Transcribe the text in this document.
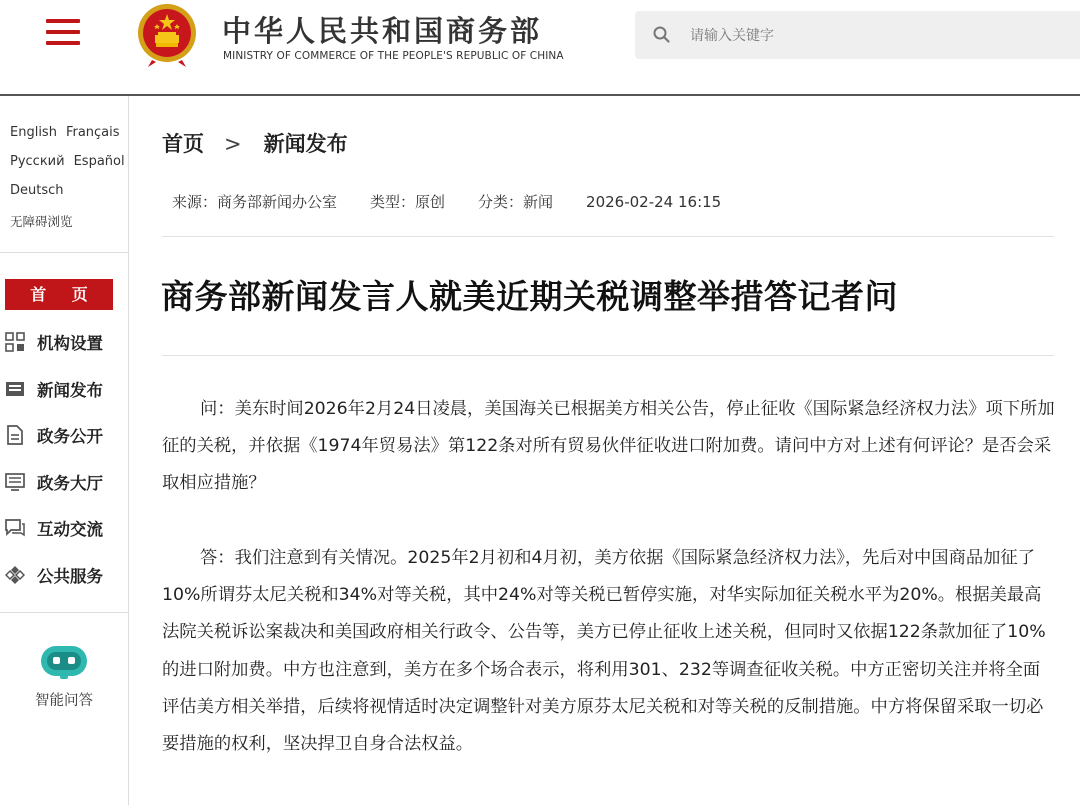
中华人民共和国商务部
MINISTRY OF COMMERCE OF THE PEOPLE'S REPUBLIC OF CHINA
请输入关键字
English Français
Русский Español
Deutsch
无障碍浏览
首 页
机构设置
新闻发布
政务公开
政务大厅
互动交流
公共服务
智能问答
首页 > 新闻发布
来源：商务部新闻办公室 类型：原创 分类：新闻 2026-02-24 16:15
商务部新闻发言人就美近期关税调整举措答记者问

问：美东时间2026年2月24日凌晨，美国海关已根据美方相关公告，停止征收《国际紧急经济权力法》项下所加征的关税，并依据《1974年贸易法》第122条对所有贸易伙伴征收进口附加费。请问中方对上述有何评论？是否会采取相应措施？

答：我们注意到有关情况。2025年2月初和4月初，美方依据《国际紧急经济权力法》，先后对中国商品加征了10%所谓芬太尼关税和34%对等关税，其中24%对等关税已暂停实施，对华实际加征关税水平为20%。根据美最高法院关税诉讼案裁决和美国政府相关行政令、公告等，美方已停止征收上述关税，但同时又依据122条款加征了10%的进口附加费。中方也注意到，美方在多个场合表示，将利用301、232等调查征收关税。中方正密切关注并将全面评估美方相关举措，后续将视情适时决定调整针对美方原芬太尼关税和对等关税的反制措施。中方将保留采取一切必要措施的权利，坚决捍卫自身合法权益。
